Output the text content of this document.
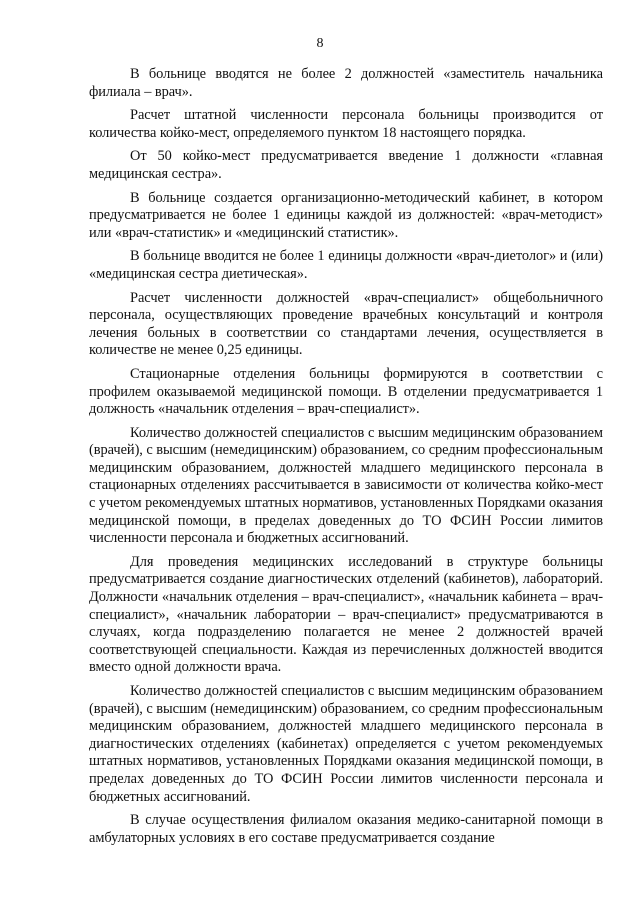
8

В больнице вводятся не более 2 должностей «заместитель начальника филиала – врач».

Расчет штатной численности персонала больницы производится от количества койко-мест, определяемого пунктом 18 настоящего порядка.

От 50 койко-мест предусматривается введение 1 должности «главная медицинская сестра».

В больнице создается организационно-методический кабинет, в котором предусматривается не более 1 единицы каждой из должностей: «врач-методист» или «врач-статистик» и «медицинский статистик».

В больнице вводится не более 1 единицы должности «врач-диетолог» и (или) «медицинская сестра диетическая».

Расчет численности должностей «врач-специалист» общебольничного персонала, осуществляющих проведение врачебных консультаций и контроля лечения больных в соответствии со стандартами лечения, осуществляется в количестве не менее 0,25 единицы.

Стационарные отделения больницы формируются в соответствии с профилем оказываемой медицинской помощи. В отделении предусматривается 1 должность «начальник отделения – врач-специалист».

Количество должностей специалистов с высшим медицинским образованием (врачей), с высшим (немедицинским) образованием, со средним профессиональным медицинским образованием, должностей младшего медицинского персонала в стационарных отделениях рассчитывается в зависимости от количества койко-мест с учетом рекомендуемых штатных нормативов, установленных Порядками оказания медицинской помощи, в пределах доведенных до ТО ФСИН России лимитов численности персонала и бюджетных ассигнований.

Для проведения медицинских исследований в структуре больницы предусматривается создание диагностических отделений (кабинетов), лабораторий. Должности «начальник отделения – врач-специалист», «начальник кабинета – врач-специалист», «начальник лаборатории – врач-специалист» предусматриваются в случаях, когда подразделению полагается не менее 2 должностей врачей соответствующей специальности. Каждая из перечисленных должностей вводится вместо одной должности врача.

Количество должностей специалистов с высшим медицинским образованием (врачей), с высшим (немедицинским) образованием, со средним профессиональным медицинским образованием, должностей младшего медицинского персонала в диагностических отделениях (кабинетах) определяется с учетом рекомендуемых штатных нормативов, установленных Порядками оказания медицинской помощи, в пределах доведенных до ТО ФСИН России лимитов численности персонала и бюджетных ассигнований.

В случае осуществления филиалом оказания медико-санитарной помощи в амбулаторных условиях в его составе предусматривается создание
